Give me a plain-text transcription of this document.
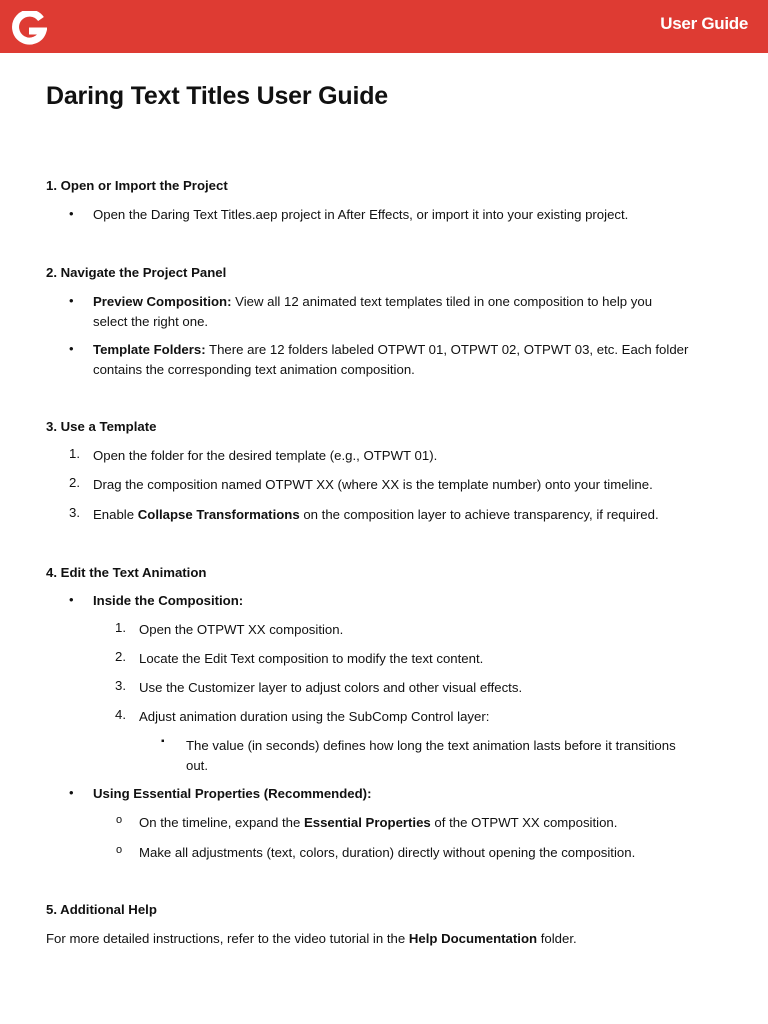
User Guide
Daring Text Titles User Guide

1. Open or Import the Project

• Open the Daring Text Titles.aep project in After Effects, or import it into your existing project.

2. Navigate the Project Panel

• Preview Composition: View all 12 animated text templates tiled in one composition to help you
select the right one.

• Template Folders: There are 12 folders labeled OTPWT 01, OTPWT 02, OTPWT 03, etc. Each folder
contains the corresponding text animation composition.

3. Use a Template

1. Open the folder for the desired template (e.g., OTPWT 01).

2. Drag the composition named OTPWT XX (where XX is the template number) onto your timeline.

3. Enable Collapse Transformations on the composition layer to achieve transparency, if required.

4. Edit the Text Animation

• Inside the Composition:

1. Open the OTPWT XX composition.

2. Locate the Edit Text composition to modify the text content.

3. Use the Customizer layer to adjust colors and other visual effects.

4. Adjust animation duration using the SubComp Control layer:

▪ The value (in seconds) defines how long the text animation lasts before it transitions
out.

• Using Essential Properties (Recommended):

o On the timeline, expand the Essential Properties of the OTPWT XX composition.

o Make all adjustments (text, colors, duration) directly without opening the composition.

5. Additional Help

For more detailed instructions, refer to the video tutorial in the Help Documentation folder.
